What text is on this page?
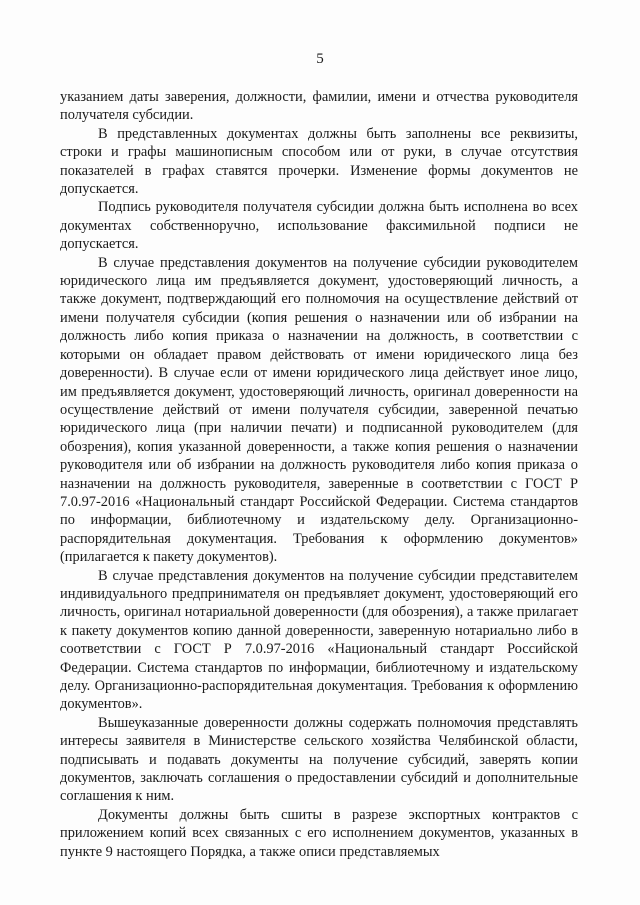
5

указанием даты заверения, должности, фамилии, имени и отчества руководителя получателя субсидии.

В представленных документах должны быть заполнены все реквизиты, строки и графы машинописным способом или от руки, в случае отсутствия показателей в графах ставятся прочерки. Изменение формы документов не допускается.

Подпись руководителя получателя субсидии должна быть исполнена во всех документах собственноручно, использование факсимильной подписи не допускается.

В случае представления документов на получение субсидии руководителем юридического лица им предъявляется документ, удостоверяющий личность, а также документ, подтверждающий его полномочия на осуществление действий от имени получателя субсидии (копия решения о назначении или об избрании на должность либо копия приказа о назначении на должность, в соответствии с которыми он обладает правом действовать от имени юридического лица без доверенности). В случае если от имени юридического лица действует иное лицо, им предъявляется документ, удостоверяющий личность, оригинал доверенности на осуществление действий от имени получателя субсидии, заверенной печатью юридического лица (при наличии печати) и подписанной руководителем (для обозрения), копия указанной доверенности, а также копия решения о назначении руководителя или об избрании на должность руководителя либо копия приказа о назначении на должность руководителя, заверенные в соответствии с ГОСТ Р 7.0.97-2016 «Национальный стандарт Российской Федерации. Система стандартов по информации, библиотечному и издательскому делу. Организационно-распорядительная документация. Требования к оформлению документов» (прилагается к пакету документов).

В случае представления документов на получение субсидии представителем индивидуального предпринимателя он предъявляет документ, удостоверяющий его личность, оригинал нотариальной доверенности (для обозрения), а также прилагает к пакету документов копию данной доверенности, заверенную нотариально либо в соответствии с ГОСТ Р 7.0.97-2016 «Национальный стандарт Российской Федерации. Система стандартов по информации, библиотечному и издательскому делу. Организационно-распорядительная документация. Требования к оформлению документов».

Вышеуказанные доверенности должны содержать полномочия представлять интересы заявителя в Министерстве сельского хозяйства Челябинской области, подписывать и подавать документы на получение субсидий, заверять копии документов, заключать соглашения о предоставлении субсидий и дополнительные соглашения к ним.

Документы должны быть сшиты в разрезе экспортных контрактов с приложением копий всех связанных с его исполнением документов, указанных в пункте 9 настоящего Порядка, а также описи представляемых
